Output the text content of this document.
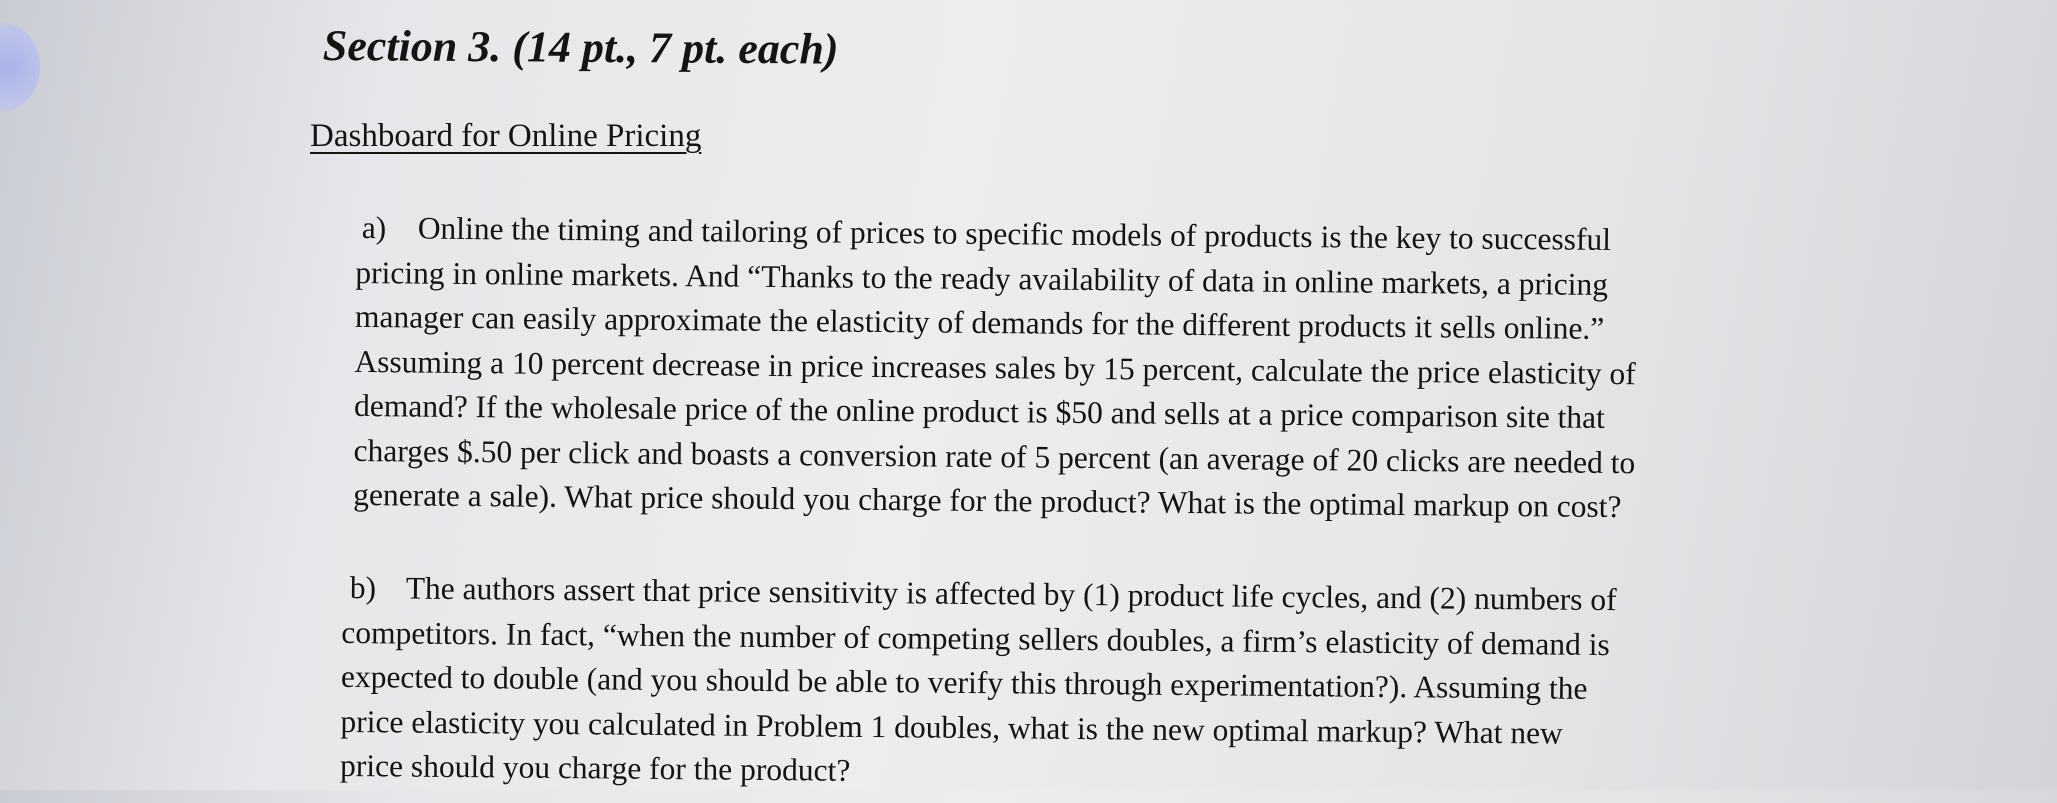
Section 3. (14 pt., 7 pt. each)
Dashboard for Online Pricing
a) Online the timing and tailoring of prices to specific models of products is the key to successful
pricing in online markets. And “Thanks to the ready availability of data in online markets, a pricing
manager can easily approximate the elasticity of demands for the different products it sells online.”
Assuming a 10 percent decrease in price increases sales by 15 percent, calculate the price elasticity of
demand? If the wholesale price of the online product is $50 and sells at a price comparison site that
charges $.50 per click and boasts a conversion rate of 5 percent (an average of 20 clicks are needed to
generate a sale). What price should you charge for the product? What is the optimal markup on cost?
b) The authors assert that price sensitivity is affected by (1) product life cycles, and (2) numbers of
competitors. In fact, “when the number of competing sellers doubles, a firm’s elasticity of demand is
expected to double (and you should be able to verify this through experimentation?). Assuming the
price elasticity you calculated in Problem 1 doubles, what is the new optimal markup? What new
price should you charge for the product?
